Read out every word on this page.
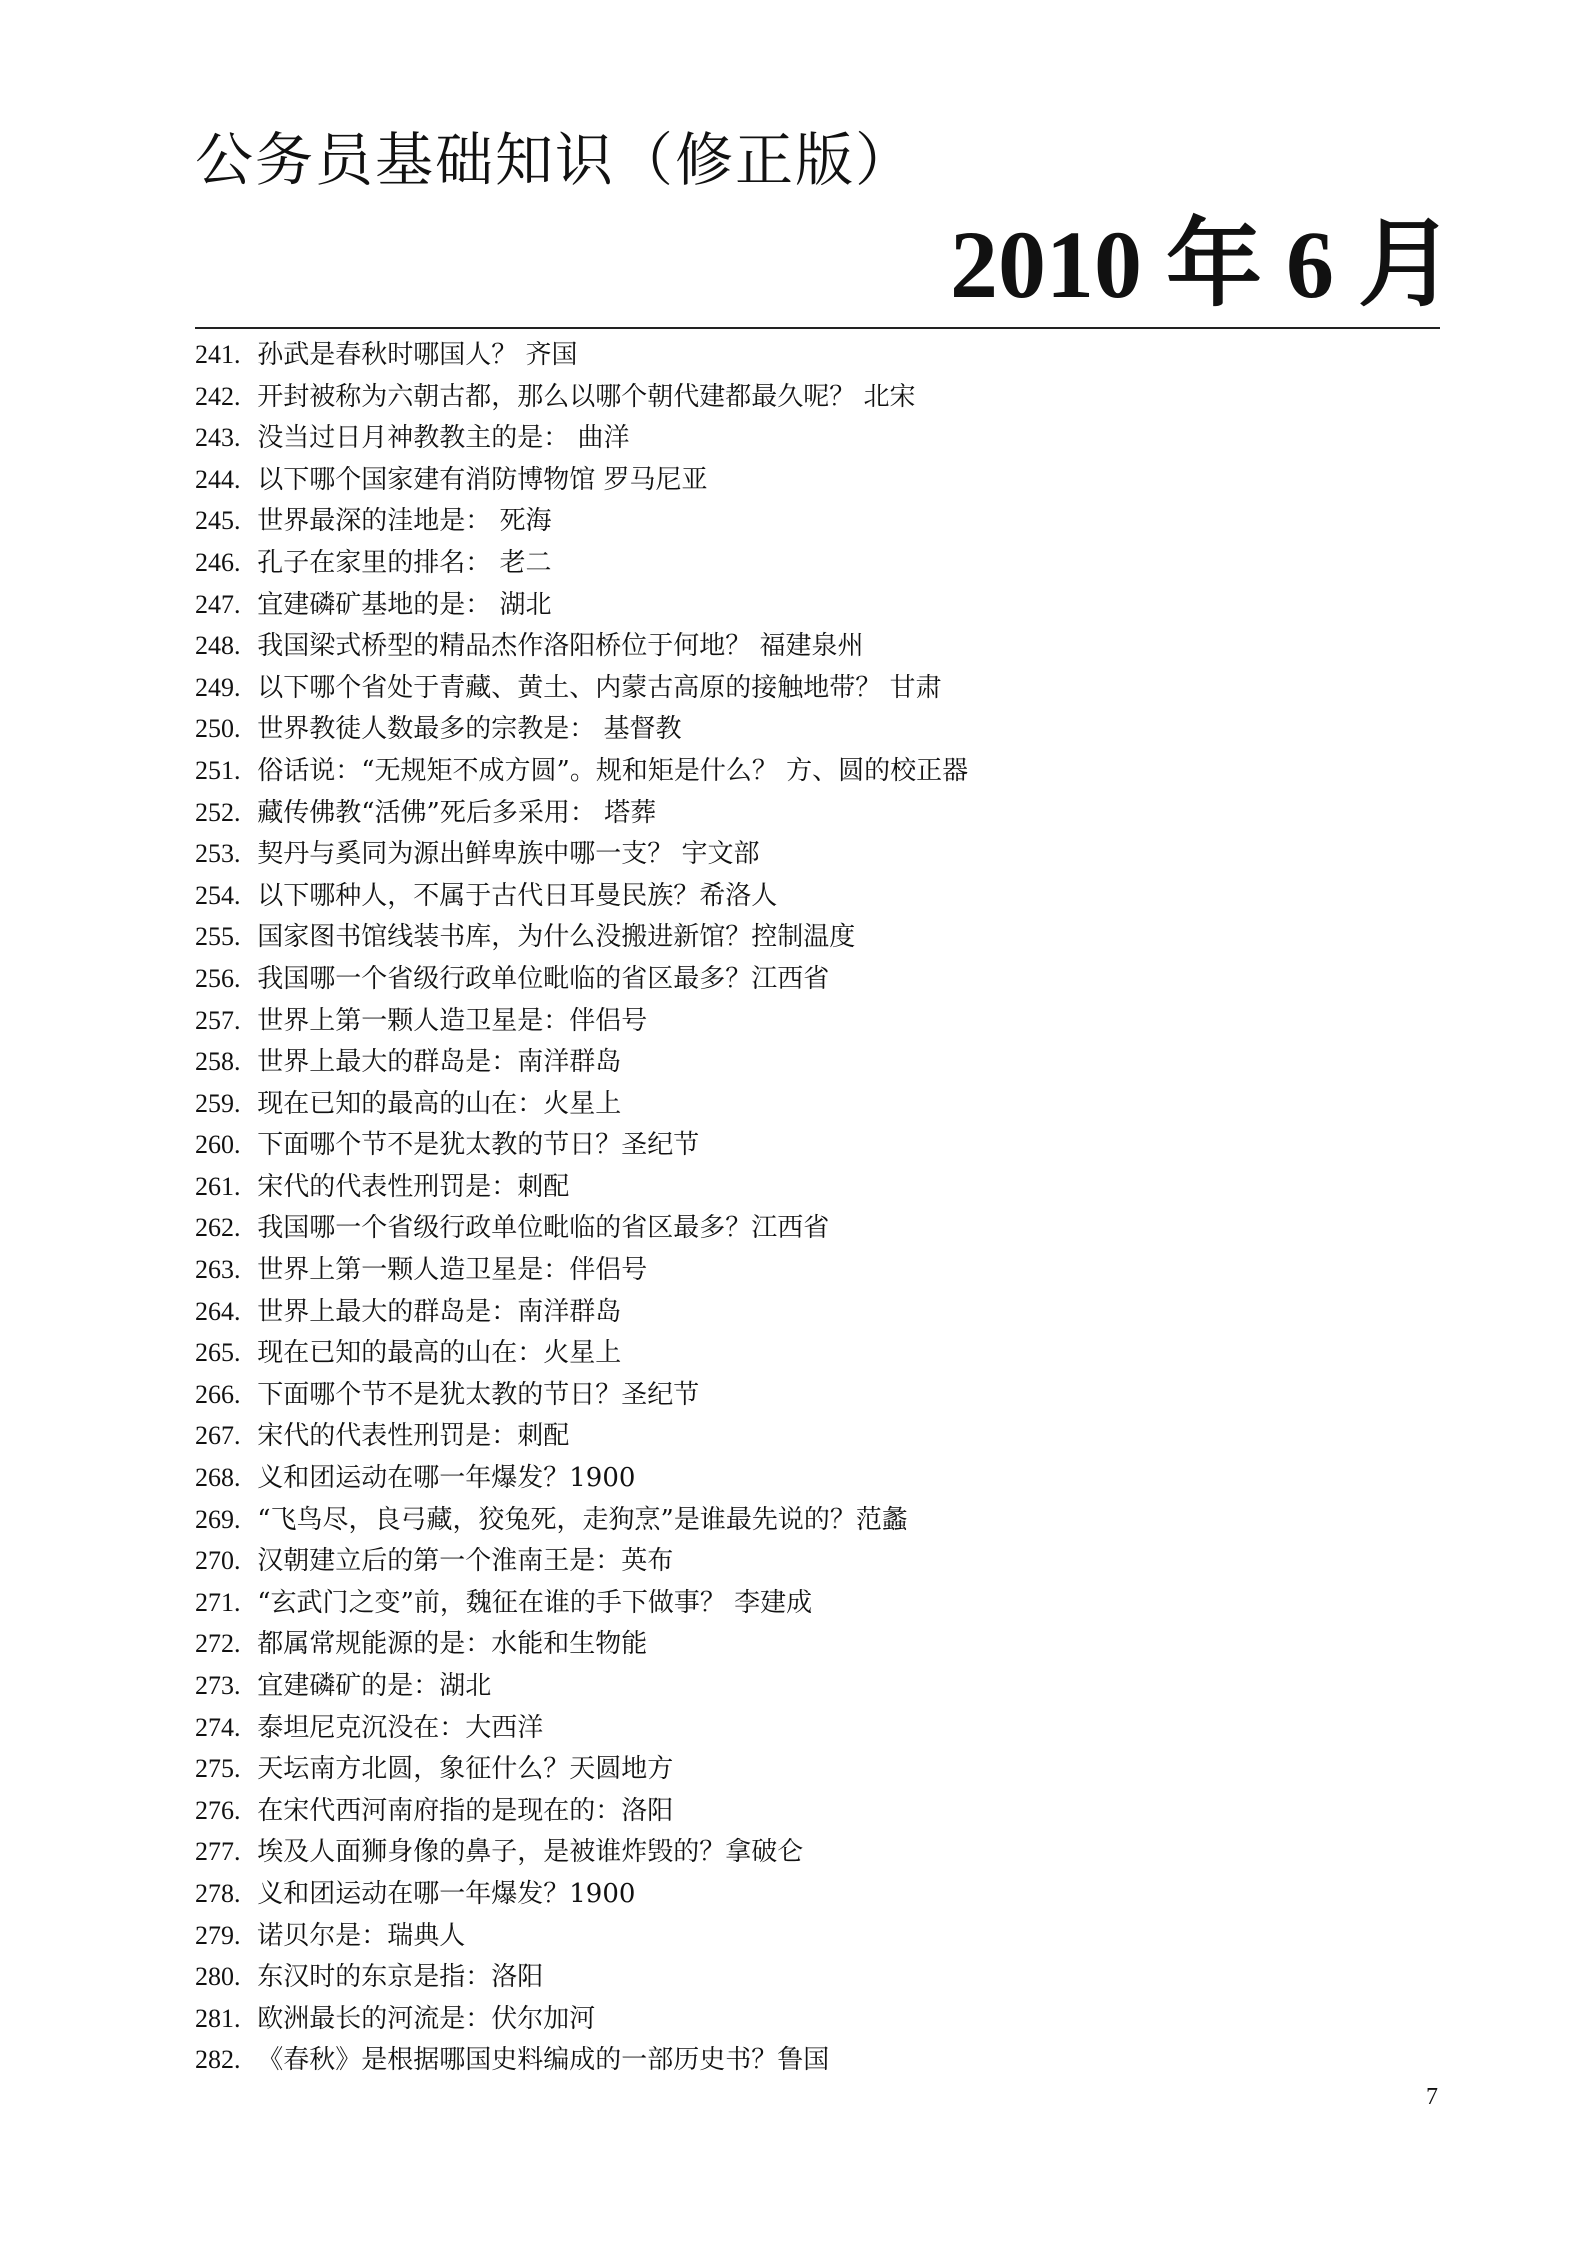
公务员基础知识（修正版）
2010 年 6 月
241. 孙武是春秋时哪国人？ 齐国
242. 开封被称为六朝古都，那么以哪个朝代建都最久呢？ 北宋
243. 没当过日月神教教主的是： 曲洋
244. 以下哪个国家建有消防博物馆 罗马尼亚
245. 世界最深的洼地是： 死海
246. 孔子在家里的排名： 老二
247. 宜建磷矿基地的是： 湖北
248. 我国梁式桥型的精品杰作洛阳桥位于何地？ 福建泉州
249. 以下哪个省处于青藏、黄土、内蒙古高原的接触地带？ 甘肃
250. 世界教徒人数最多的宗教是： 基督教
251. 俗话说：“无规矩不成方圆”。规和矩是什么？ 方、圆的校正器
252. 藏传佛教“活佛”死后多采用： 塔葬
253. 契丹与奚同为源出鲜卑族中哪一支？ 宇文部
254. 以下哪种人，不属于古代日耳曼民族？希洛人
255. 国家图书馆线装书库，为什么没搬进新馆？控制温度
256. 我国哪一个省级行政单位毗临的省区最多？江西省
257. 世界上第一颗人造卫星是：伴侣号
258. 世界上最大的群岛是：南洋群岛
259. 现在已知的最高的山在：火星上
260. 下面哪个节不是犹太教的节日？圣纪节
261. 宋代的代表性刑罚是：刺配
262. 我国哪一个省级行政单位毗临的省区最多？江西省
263. 世界上第一颗人造卫星是：伴侣号
264. 世界上最大的群岛是：南洋群岛
265. 现在已知的最高的山在：火星上
266. 下面哪个节不是犹太教的节日？圣纪节
267. 宋代的代表性刑罚是：刺配
268. 义和团运动在哪一年爆发？1900
269. “飞鸟尽，良弓藏，狡兔死，走狗烹”是谁最先说的？范蠡
270. 汉朝建立后的第一个淮南王是：英布
271. “玄武门之变”前，魏征在谁的手下做事？ 李建成
272. 都属常规能源的是：水能和生物能
273. 宜建磷矿的是：湖北
274. 泰坦尼克沉没在：大西洋
275. 天坛南方北圆，象征什么？天圆地方
276. 在宋代西河南府指的是现在的：洛阳
277. 埃及人面狮身像的鼻子，是被谁炸毁的？拿破仑
278. 义和团运动在哪一年爆发？1900
279. 诺贝尔是：瑞典人
280. 东汉时的东京是指：洛阳
281. 欧洲最长的河流是：伏尔加河
282. 《春秋》是根据哪国史料编成的一部历史书？鲁国
7
